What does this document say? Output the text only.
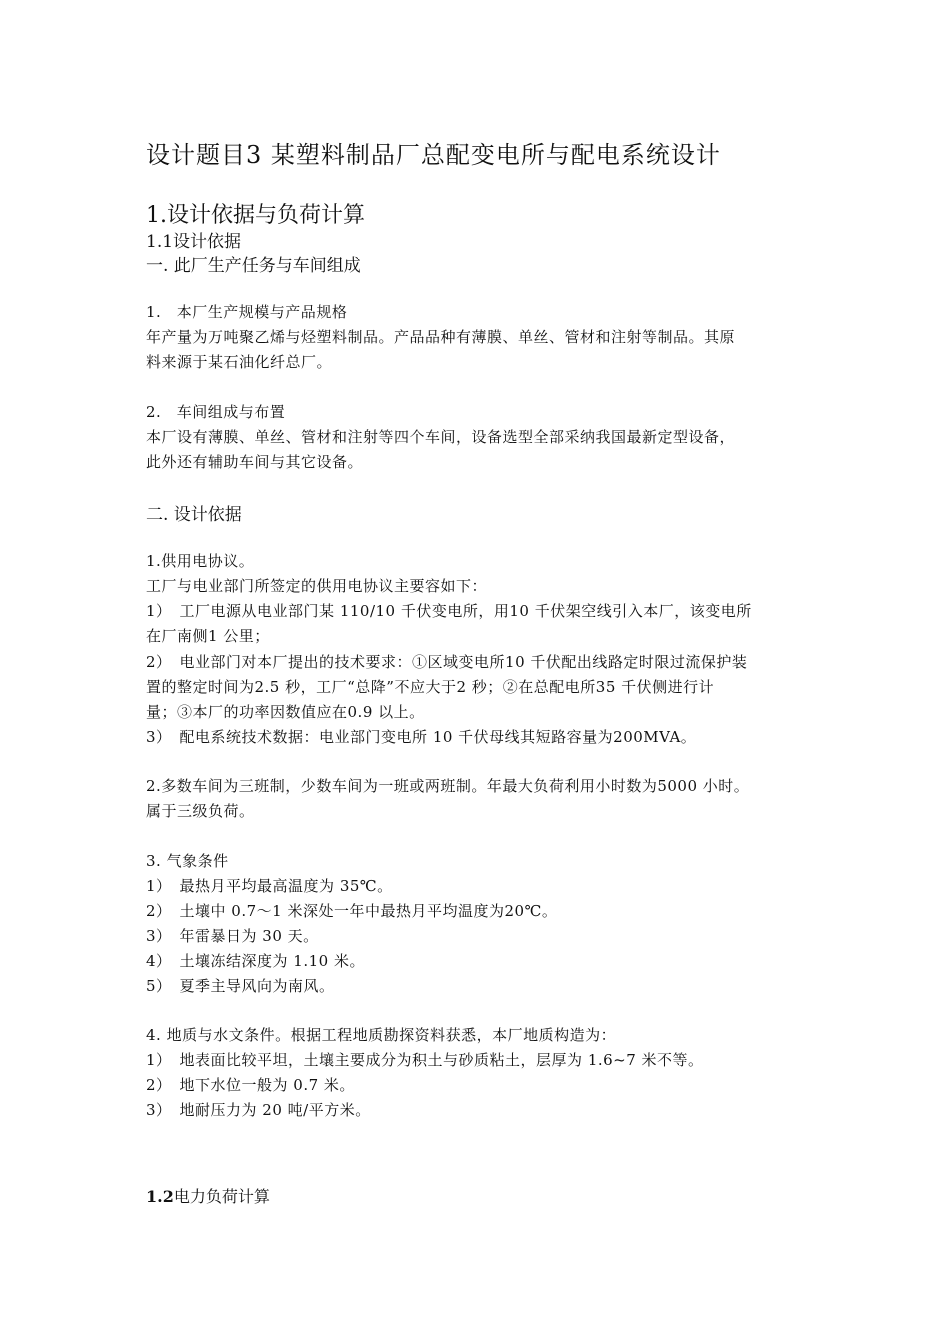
设计题目3 某塑料制品厂总配变电所与配电系统设计
1.设计依据与负荷计算
1.1设计依据
一. 此厂生产任务与车间组成
1.　本厂生产规模与产品规格
年产量为万吨聚乙烯与烃塑料制品。产品品种有薄膜、单丝、管材和注射等制品。其原
料来源于某石油化纤总厂。
2.　车间组成与布置
本厂设有薄膜、单丝、管材和注射等四个车间，设备选型全部采纳我国最新定型设备，
此外还有辅助车间与其它设备。
二. 设计依据
1.供用电协议。
工厂与电业部门所签定的供用电协议主要容如下：
1）　工厂电源从电业部门某 110/10 千伏变电所，用10 千伏架空线引入本厂，该变电所
在厂南侧1 公里；
2）　电业部门对本厂提出的技术要求：①区域变电所10 千伏配出线路定时限过流保护装
置的整定时间为2.5 秒，工厂“总降”不应大于2 秒；②在总配电所35 千伏侧进行计
量；③本厂的功率因数值应在0.9 以上。
3）　配电系统技术数据：电业部门变电所 10 千伏母线其短路容量为200MVA。
2.多数车间为三班制，少数车间为一班或两班制。年最大负荷利用小时数为5000 小时。
属于三级负荷。
3. 气象条件
1）　最热月平均最高温度为 35℃。
2）　土壤中 0.7～1 米深处一年中最热月平均温度为20℃。
3）　年雷暴日为 30 天。
4）　土壤冻结深度为 1.10 米。
5）　夏季主导风向为南风。
4. 地质与水文条件。根据工程地质勘探资料获悉，本厂地质构造为：
1）　地表面比较平坦，土壤主要成分为积土与砂质粘土，层厚为 1.6~7 米不等。
2）　地下水位一般为 0.7 米。
3）　地耐压力为 20 吨/平方米。
1.2电力负荷计算
